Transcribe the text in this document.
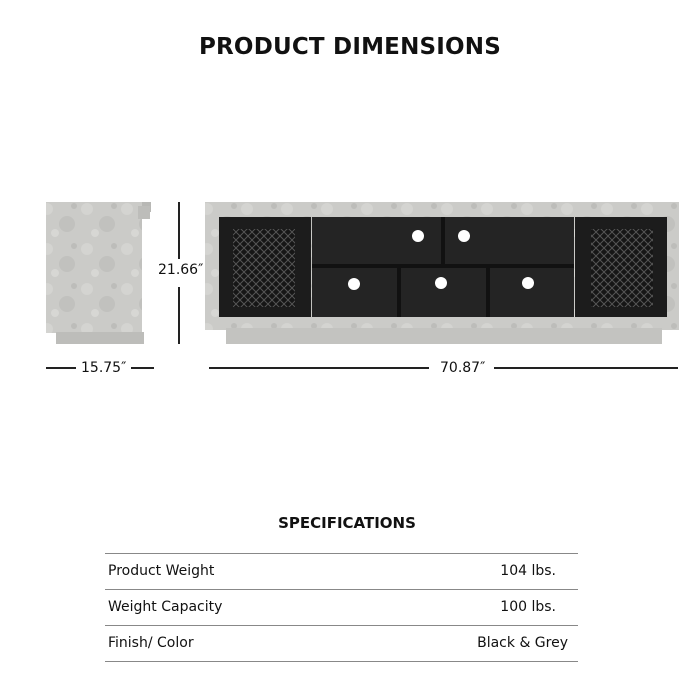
PRODUCT DIMENSIONS
21.66″
15.75″	70.87″
SPECIFICATIONS
Product Weight	104 lbs.
Weight Capacity	100 lbs.
Finish/ Color	Black & Grey
